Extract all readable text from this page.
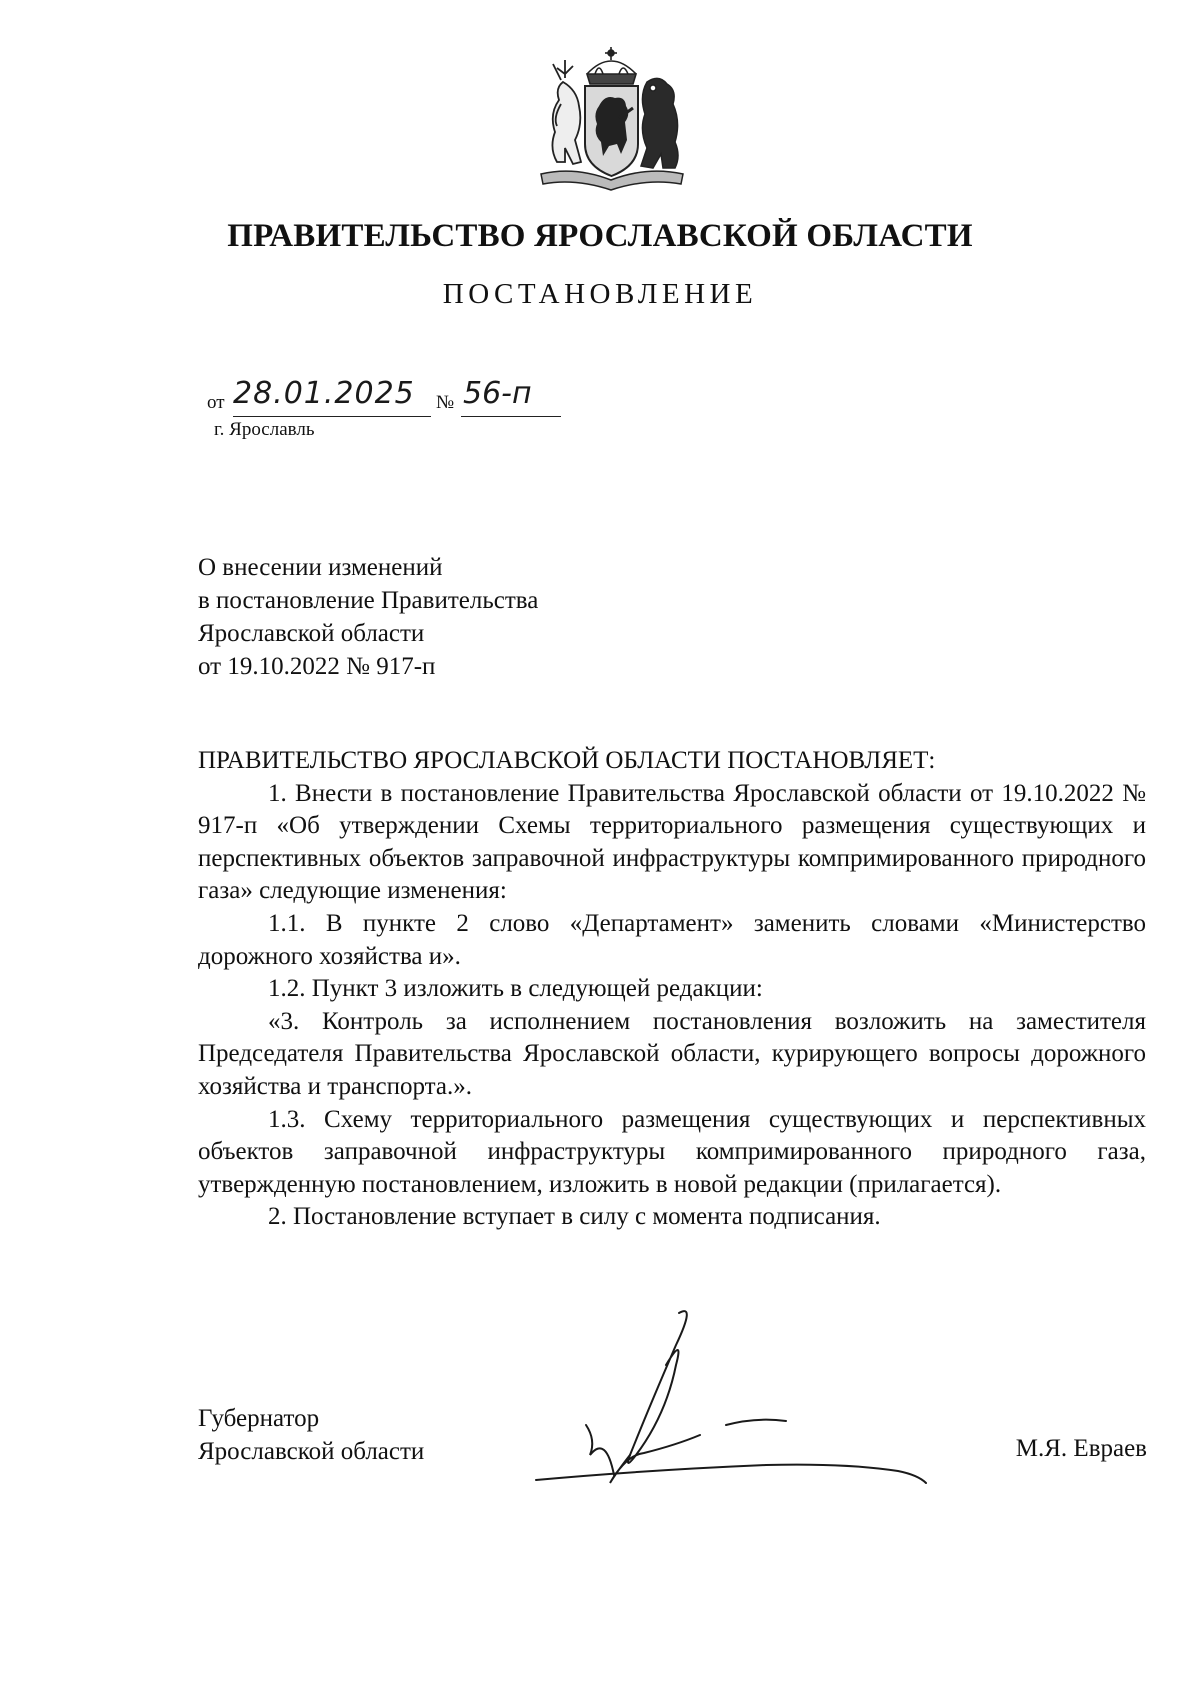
ПРАВИТЕЛЬСТВО ЯРОСЛАВСКОЙ ОБЛАСТИ
ПОСТАНОВЛЕНИЕ
от 28.01.2025 № 56-п
г. Ярославль
О внесении изменений
в постановление Правительства
Ярославской области
от 19.10.2022 № 917-п

ПРАВИТЕЛЬСТВО ЯРОСЛАВСКОЙ ОБЛАСТИ ПОСТАНОВЛЯЕТ:

1. Внести в постановление Правительства Ярославской области от 19.10.2022 № 917-п «Об утверждении Схемы территориального размещения существующих и перспективных объектов заправочной инфраструктуры компримированного природного газа» следующие изменения:

1.1. В пункте 2 слово «Департамент» заменить словами «Министерство дорожного хозяйства и».

1.2. Пункт 3 изложить в следующей редакции:

«3. Контроль за исполнением постановления возложить на заместителя Председателя Правительства Ярославской области, курирующего вопросы дорожного хозяйства и транспорта.».

1.3. Схему территориального размещения существующих и перспективных объектов заправочной инфраструктуры компримированного природного газа, утвержденную постановлением, изложить в новой редакции (прилагается).

2. Постановление вступает в силу с момента подписания.

Губернатор
Ярославской области	М.Я. Евраев
